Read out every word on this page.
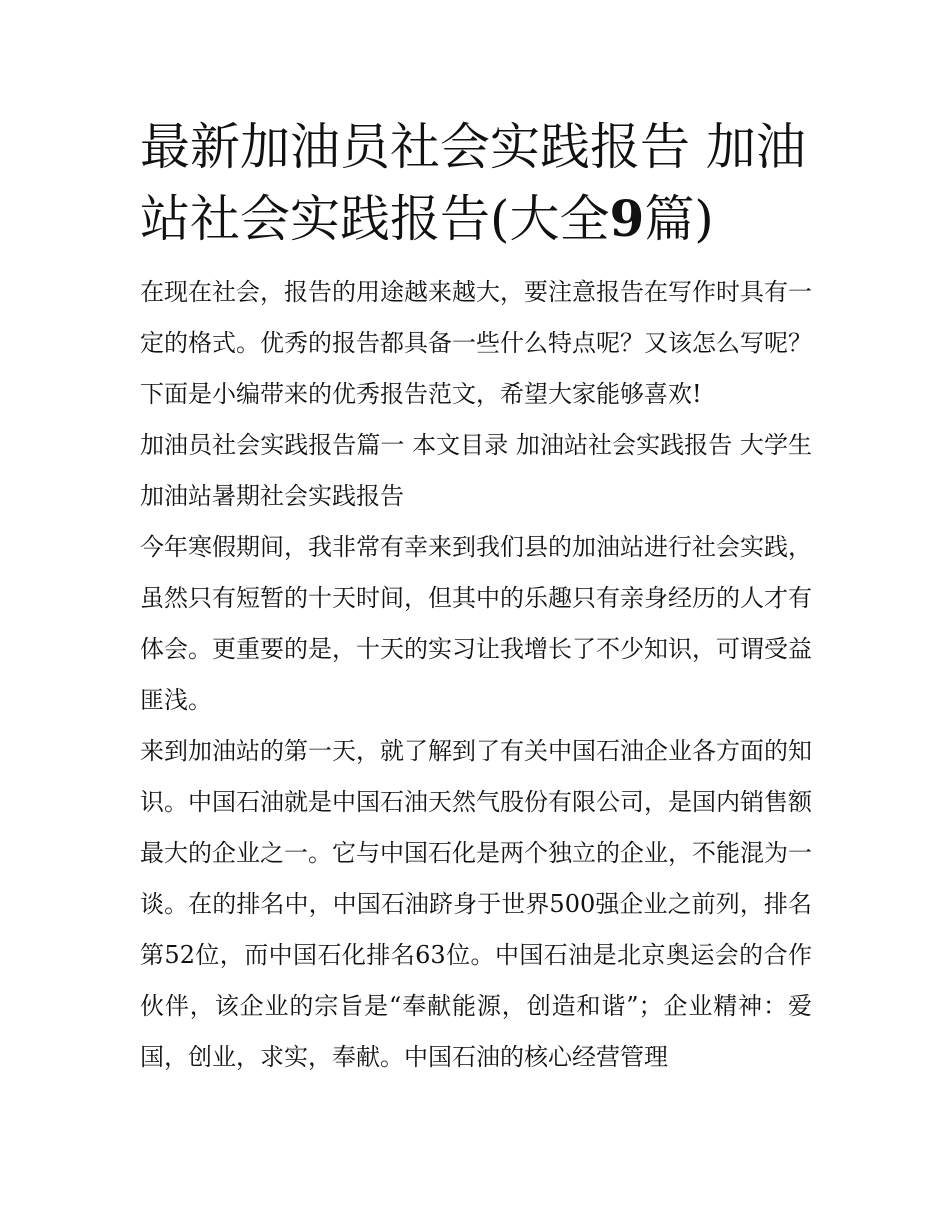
最新加油员社会实践报告 加油站社会实践报告(大全9篇)

在现在社会，报告的用途越来越大，要注意报告在写作时具有一定的格式。优秀的报告都具备一些什么特点呢？又该怎么写呢？下面是小编带来的优秀报告范文，希望大家能够喜欢!

加油员社会实践报告篇一 本文目录 加油站社会实践报告 大学生加油站暑期社会实践报告

今年寒假期间，我非常有幸来到我们县的加油站进行社会实践，虽然只有短暂的十天时间，但其中的乐趣只有亲身经历的人才有体会。更重要的是，十天的实习让我增长了不少知识，可谓受益匪浅。

来到加油站的第一天，就了解到了有关中国石油企业各方面的知识。中国石油就是中国石油天然气股份有限公司，是国内销售额最大的企业之一。它与中国石化是两个独立的企业，不能混为一谈。在的排名中，中国石油跻身于世界500强企业之前列，排名第52位，而中国石化排名63位。中国石油是北京奥运会的合作伙伴，该企业的宗旨是“奉献能源，创造和谐”；企业精神：爱国，创业，求实，奉献。中国石油的核心经营管理
